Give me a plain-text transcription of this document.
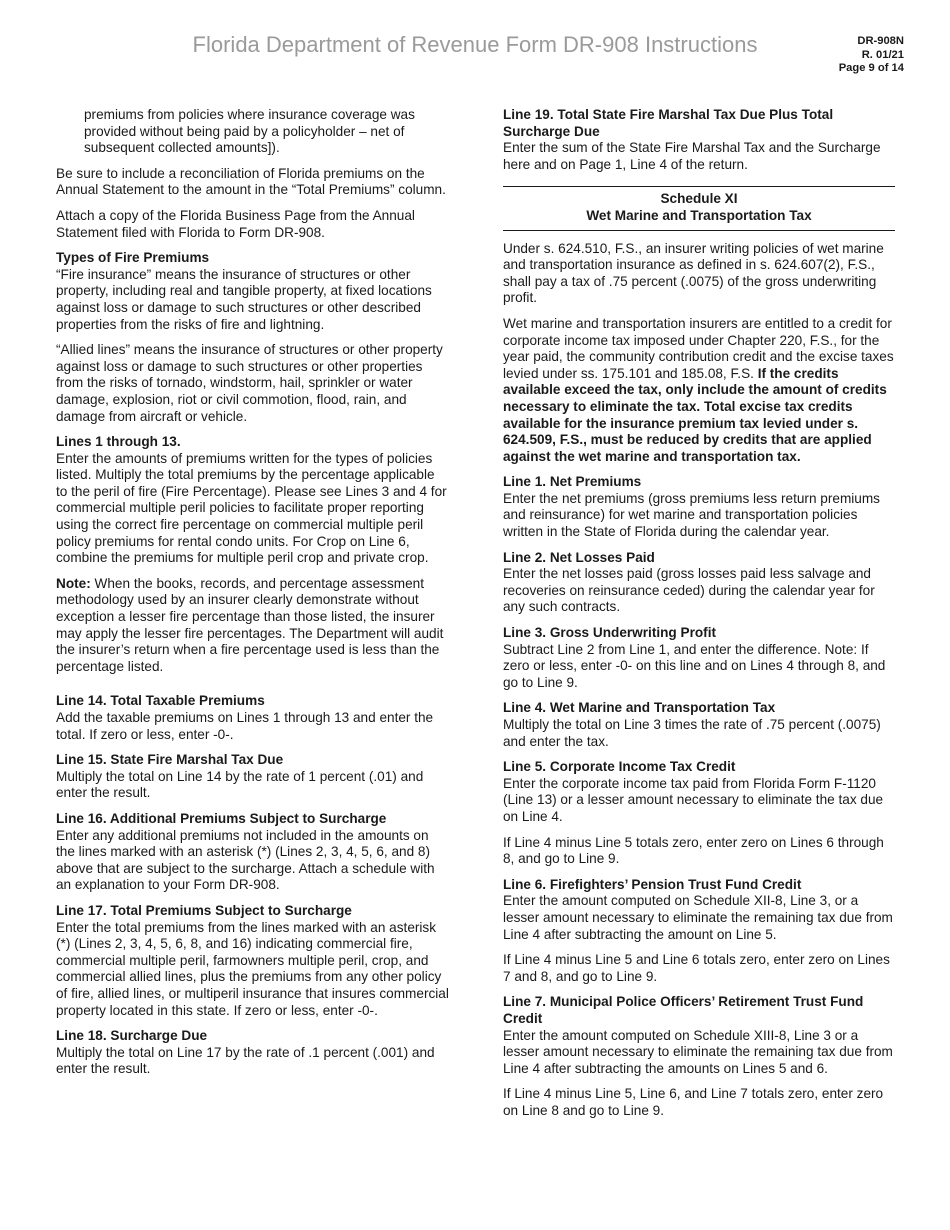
Florida Department of Revenue Form DR-908 Instructions	DR-908N
R. 01/21
Page 9 of 14

premiums from policies where insurance coverage was provided without being paid by a policyholder – net of subsequent collected amounts]).

Be sure to include a reconciliation of Florida premiums on the Annual Statement to the amount in the “Total Premiums” column.

Attach a copy of the Florida Business Page from the Annual Statement filed with Florida to Form DR-908.

Types of Fire Premiums
“Fire insurance” means the insurance of structures or other property, including real and tangible property, at fixed locations against loss or damage to such structures or other described properties from the risks of fire and lightning.

“Allied lines” means the insurance of structures or other property against loss or damage to such structures or other properties from the risks of tornado, windstorm, hail, sprinkler or water damage, explosion, riot or civil commotion, flood, rain, and damage from aircraft or vehicle.

Lines 1 through 13.
Enter the amounts of premiums written for the types of policies listed. Multiply the total premiums by the percentage applicable to the peril of fire (Fire Percentage). Please see Lines 3 and 4 for commercial multiple peril policies to facilitate proper reporting using the correct fire percentage on commercial multiple peril policy premiums for rental condo units. For Crop on Line 6, combine the premiums for multiple peril crop and private crop.

Note: When the books, records, and percentage assessment methodology used by an insurer clearly demonstrate without exception a lesser fire percentage than those listed, the insurer may apply the lesser fire percentages. The Department will audit the insurer’s return when a fire percentage used is less than the percentage listed.

Line 14. Total Taxable Premiums
Add the taxable premiums on Lines 1 through 13 and enter the total. If zero or less, enter -0-.
Line 15. State Fire Marshal Tax Due
Multiply the total on Line 14 by the rate of 1 percent (.01) and enter the result.
Line 16. Additional Premiums Subject to Surcharge
Enter any additional premiums not included in the amounts on the lines marked with an asterisk (*) (Lines 2, 3, 4, 5, 6, and 8) above that are subject to the surcharge. Attach a schedule with an explanation to your Form DR-908.
Line 17. Total Premiums Subject to Surcharge
Enter the total premiums from the lines marked with an asterisk (*) (Lines 2, 3, 4, 5, 6, 8, and 16) indicating commercial fire, commercial multiple peril, farmowners multiple peril, crop, and commercial allied lines, plus the premiums from any other policy of fire, allied lines, or multiperil insurance that insures commercial property located in this state. If zero or less, enter -0-.
Line 18. Surcharge Due
Multiply the total on Line 17 by the rate of .1 percent (.001) and enter the result.
Line 19. Total State Fire Marshal Tax Due Plus Total Surcharge Due
Enter the sum of the State Fire Marshal Tax and the Surcharge here and on Page 1, Line 4 of the return.
Schedule XI
Wet Marine and Transportation Tax

Under s. 624.510, F.S., an insurer writing policies of wet marine and transportation insurance as defined in s. 624.607(2), F.S., shall pay a tax of .75 percent (.0075) of the gross underwriting profit.

Wet marine and transportation insurers are entitled to a credit for corporate income tax imposed under Chapter 220, F.S., for the year paid, the community contribution credit and the excise taxes levied under ss. 175.101 and 185.08, F.S. If the credits available exceed the tax, only include the amount of credits necessary to eliminate the tax. Total excise tax credits available for the insurance premium tax levied under s. 624.509, F.S., must be reduced by credits that are applied against the wet marine and transportation tax.

Line 1. Net Premiums
Enter the net premiums (gross premiums less return premiums and reinsurance) for wet marine and transportation policies written in the State of Florida during the calendar year.
Line 2. Net Losses Paid
Enter the net losses paid (gross losses paid less salvage and recoveries on reinsurance ceded) during the calendar year for any such contracts.
Line 3. Gross Underwriting Profit
Subtract Line 2 from Line 1, and enter the difference. Note: If zero or less, enter -0- on this line and on Lines 4 through 8, and go to Line 9.
Line 4. Wet Marine and Transportation Tax
Multiply the total on Line 3 times the rate of .75 percent (.0075) and enter the tax.
Line 5. Corporate Income Tax Credit
Enter the corporate income tax paid from Florida Form F-1120 (Line 13) or a lesser amount necessary to eliminate the tax due on Line 4.

If Line 4 minus Line 5 totals zero, enter zero on Lines 6 through 8, and go to Line 9.

Line 6. Firefighters’ Pension Trust Fund Credit
Enter the amount computed on Schedule XII-8, Line 3, or a lesser amount necessary to eliminate the remaining tax due from Line 4 after subtracting the amount on Line 5.

If Line 4 minus Line 5 and Line 6 totals zero, enter zero on Lines 7 and 8, and go to Line 9.

Line 7. Municipal Police Officers’ Retirement Trust Fund Credit
Enter the amount computed on Schedule XIII-8, Line 3 or a lesser amount necessary to eliminate the remaining tax due from Line 4 after subtracting the amounts on Lines 5 and 6.

If Line 4 minus Line 5, Line 6, and Line 7 totals zero, enter zero on Line 8 and go to Line 9.
